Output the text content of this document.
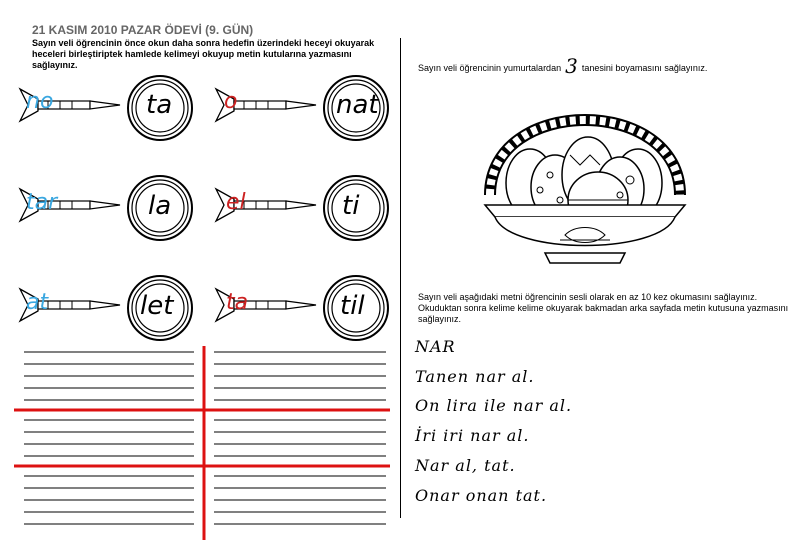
21 KASIM 2010 PAZAR ÖDEVİ (9. GÜN)
Sayın veli öğrencinin önce okun daha sonra hedefin üzerindeki heceyi okuyarak heceleri birleştiriptek hamlede kelimeyi okuyup metin kutularına yazmasını sağlayınız.
no	ta o	nat
tar	la el	ti
at	let ta	til
Sayın veli öğrencinin yumurtalardan 3 tanesini boyamasını sağlayınız.
Sayın veli aşağıdaki metni öğrencinin sesli olarak en az 10 kez okumasını sağlayınız. Okuduktan sonra kelime kelime okuyarak bakmadan arka sayfada metin kutusuna yazmasını sağlayınız.
NAR
Tanen nar al.
On lira ile nar al.
İri iri nar al.
Nar al, tat.
Onar onan tat.
